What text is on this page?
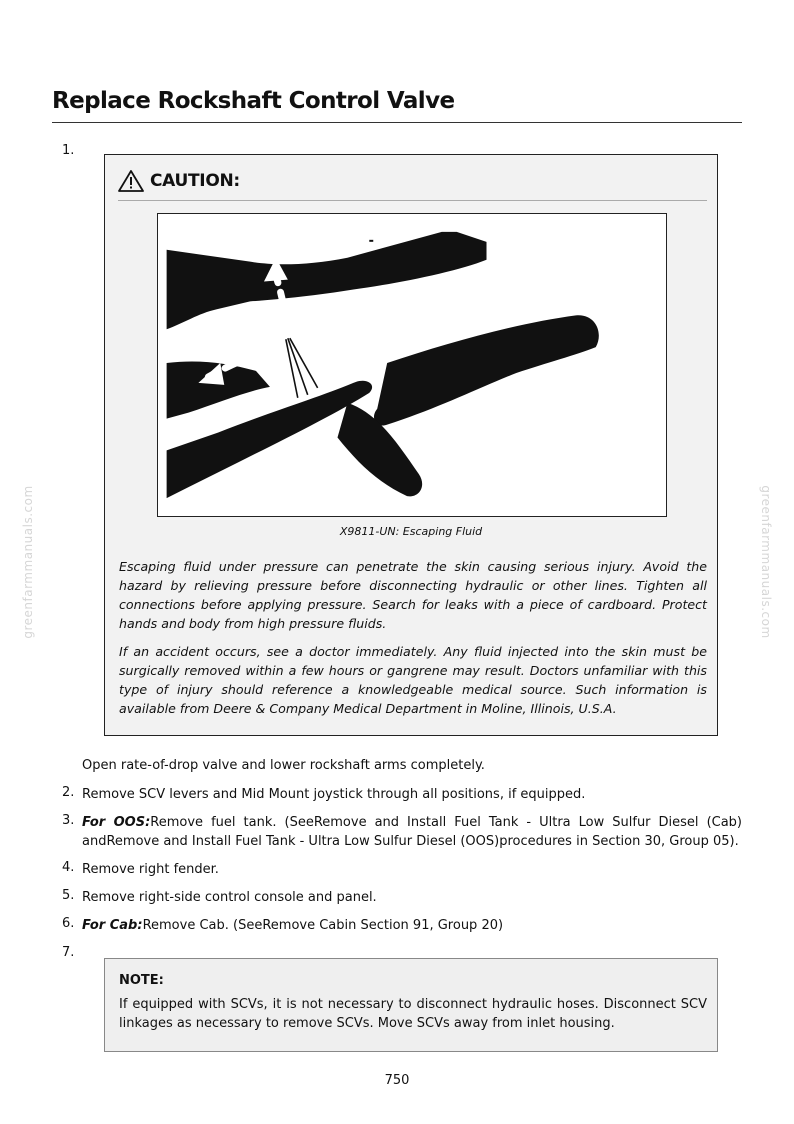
greenfarmmanuals.com	greenfarmmanuals.com
Replace Rockshaft Control Valve
1.
CAUTION:
X9811-UN: Escaping Fluid

Escaping fluid under pressure can penetrate the skin causing serious injury. Avoid the hazard by relieving pressure before disconnecting hydraulic or other lines. Tighten all connections before applying pressure. Search for leaks with a piece of cardboard. Protect hands and body from high pressure fluids.

If an accident occurs, see a doctor immediately. Any fluid injected into the skin must be surgically removed within a few hours or gangrene may result. Doctors unfamiliar with this type of injury should reference a knowledgeable medical source. Such information is available from Deere & Company Medical Department in Moline, Illinois, U.S.A.

Open rate-of-drop valve and lower rockshaft arms completely.

2. Remove SCV levers and Mid Mount joystick through all positions, if equipped.

3. For OOS:Remove fuel tank. (SeeRemove and Install Fuel Tank - Ultra Low Sulfur Diesel (Cab) andRemove and Install Fuel Tank - Ultra Low Sulfur Diesel (OOS)procedures in Section 30, Group 05).

4. Remove right fender.

5. Remove right-side control console and panel.

6. For Cab:Remove Cab. (SeeRemove Cabin Section 91, Group 20)

7.
NOTE:

If equipped with SCVs, it is not necessary to disconnect hydraulic hoses. Disconnect SCV linkages as necessary to remove SCVs. Move SCVs away from inlet housing.

750
